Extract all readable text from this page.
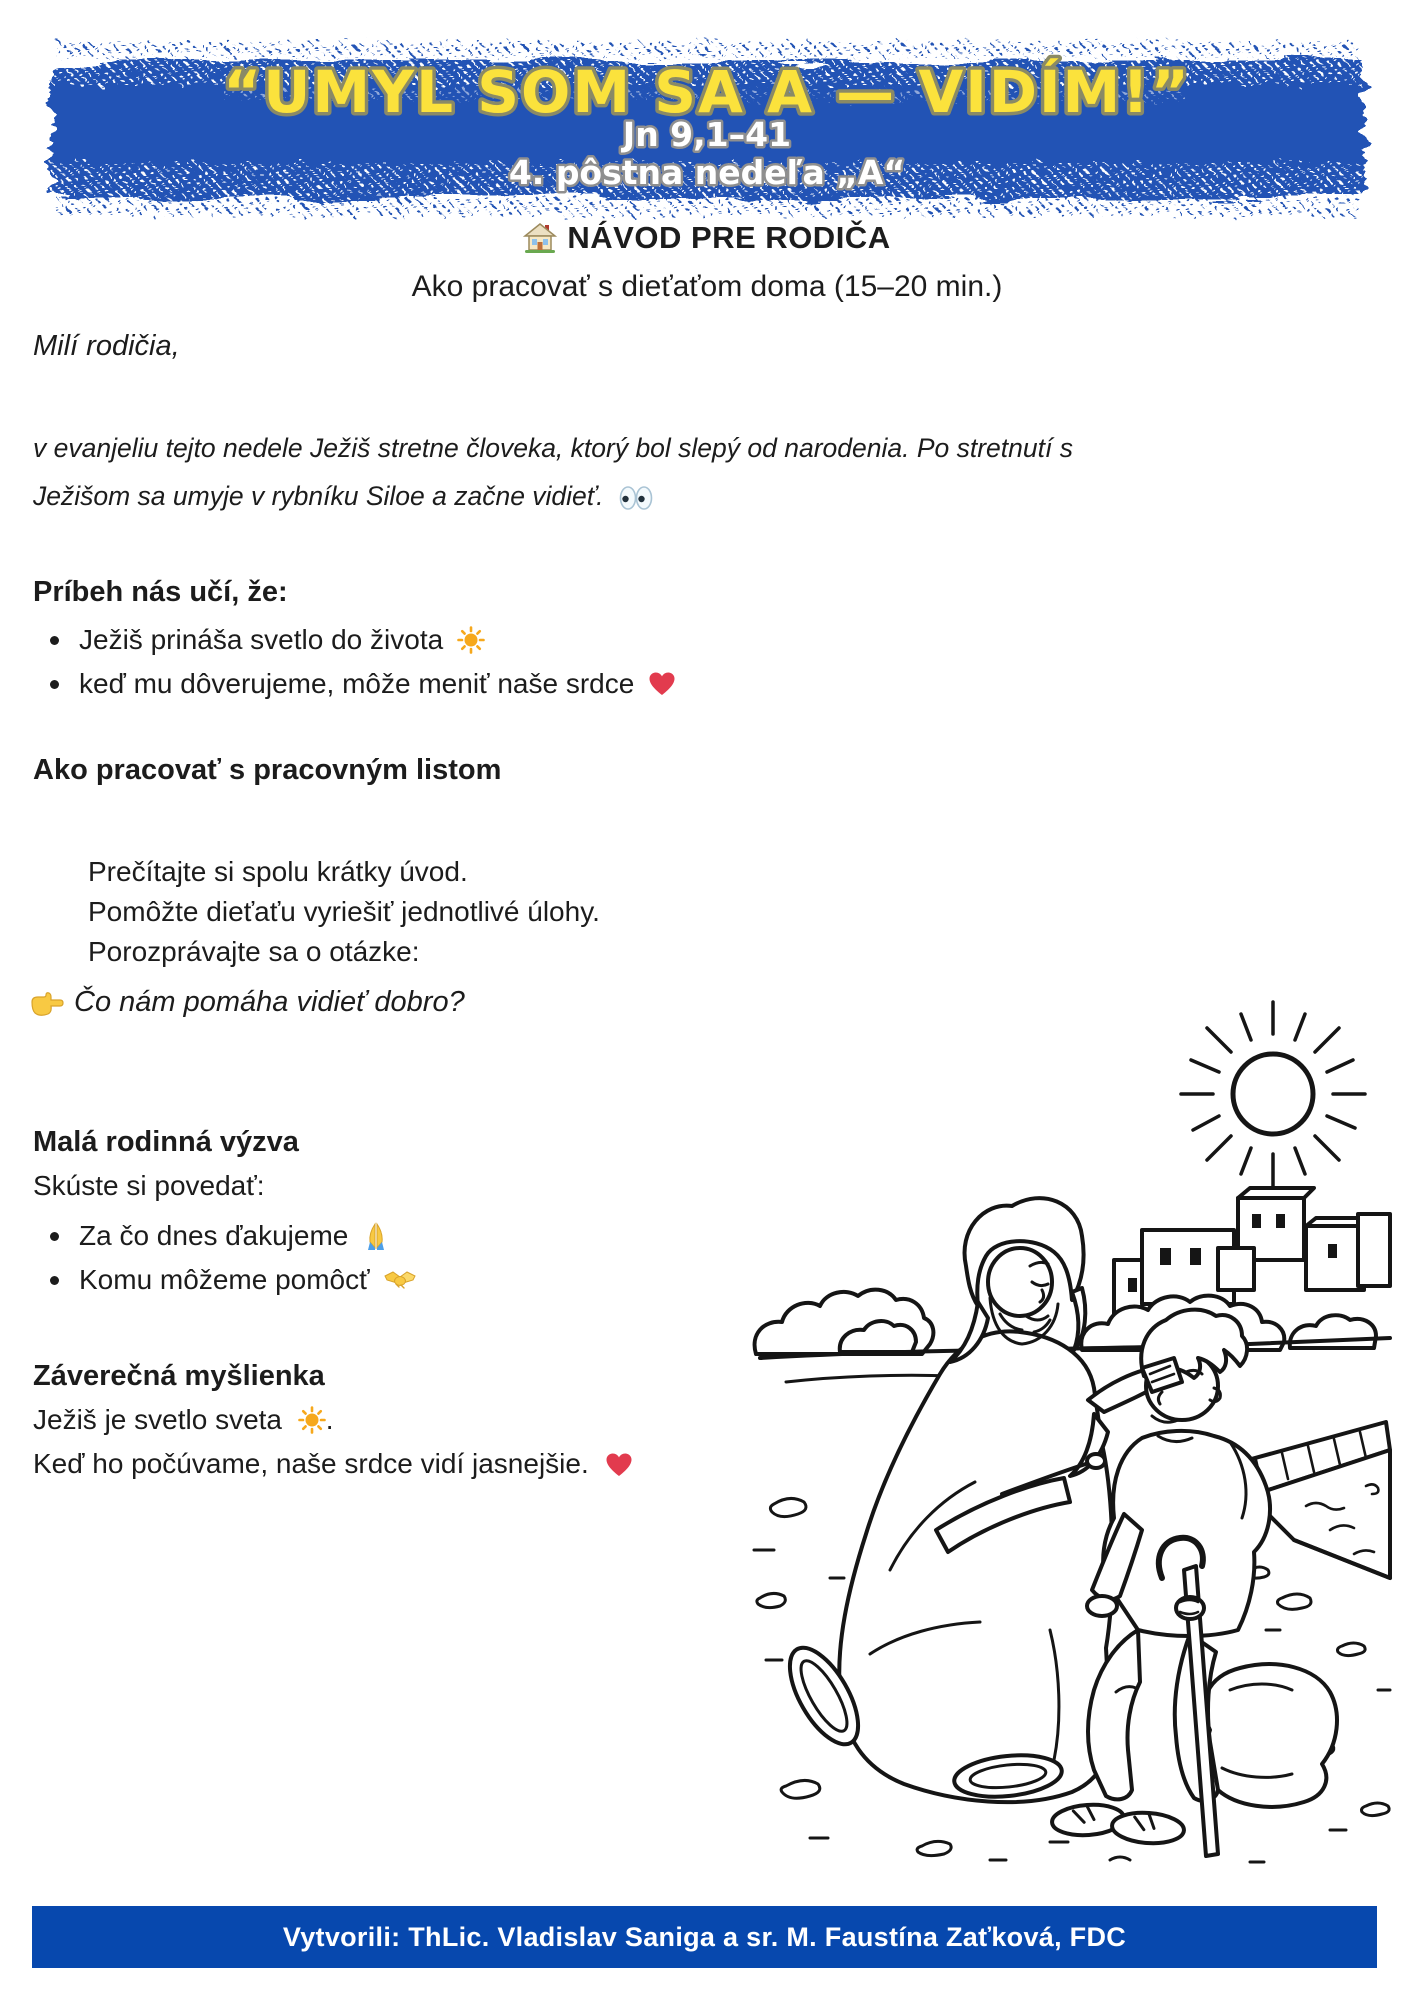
“UMYL SOM SA A — VIDÍM!”
Jn 9,1–41
4. pôstna nedeľa „A“
NÁVOD PRE RODIČA
Ako pracovať s dieťaťom doma (15–20 min.)
Milí rodičia,
v evanjeliu tejto nedele Ježiš stretne človeka, ktorý bol slepý od narodenia. Po stretnutí s Ježišom sa umyje v rybníku Siloe a začne vidieť.
Príbeh nás učí, že:
Ježiš prináša svetlo do života
keď mu dôverujeme, môže meniť naše srdce
Ako pracovať s pracovným listom
Prečítajte si spolu krátky úvod.
Pomôžte dieťaťu vyriešiť jednotlivé úlohy.
Porozprávajte sa o otázke:
Čo nám pomáha vidieť dobro?
Malá rodinná výzva
Skúste si povedať:
Za čo dnes ďakujeme
Komu môžeme pomôcť
Záverečná myšlienka
Ježiš je svetlo sveta .
Keď ho počúvame, naše srdce vidí jasnejšie.
Vytvorili: ThLic. Vladislav Saniga a sr. M. Faustína Zaťková, FDC
